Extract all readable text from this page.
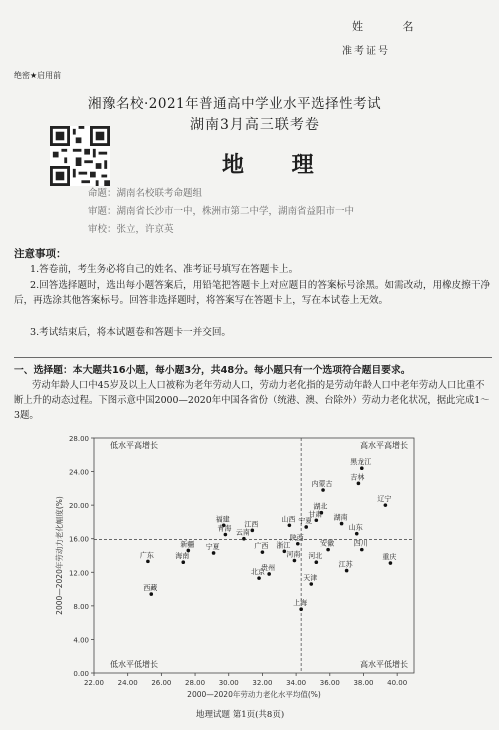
姓 名
准考证号
绝密★启用前
湘豫名校·2021年普通高中学业水平选择性考试
湖南3月高三联考卷
地 理
命题：湖南名校联考命题组
审题：湖南省长沙市一中，株洲市第二中学，湖南省益阳市一中
审校：张立，许京英
注意事项：
1.答卷前，考生务必将自己的姓名、准考证号填写在答题卡上。
2.回答选择题时，选出每小题答案后，用铅笔把答题卡上对应题目的答案标号涂黑。如需改动，用橡皮擦干净后，再选涂其他答案标号。回答非选择题时，将答案写在答题卡上，写在本试卷上无效。
3.考试结束后，将本试题卷和答题卡一并交回。
一、选择题：本大题共16小题，每小题3分，共48分。每小题只有一个选项符合题目要求。
劳动年龄人口中45岁及以上人口被称为老年劳动人口，劳动力老化指的是劳动年龄人口中老年劳动人口比重不断上升的动态过程。下图示意中国2000—2020年中国各省份（统港、澳、台除外）劳动力老化状况，据此完成1～3题。
0.00
4.00
8.00
12.00
16.00
20.00
24.00
28.00
22.00 24.00 26.00 28.00 30.00 32.00 34.00 36.00 38.00 40.00
2000—2020年劳动力老化水平均值(%)
2000—2020年劳动力老化幅度(%)
低水平高增长	高水平高增长
低水平低增长	高水平低增长
黑龙江
吉林
辽宁
内蒙古
湖北
甘肃 湖南
山东
山西 宁夏
福建
江西
青海
云南
陕西
四川
安徽
广西 浙江
新疆 宁夏
海南
广东	河南 河北	重庆
江苏
贵州
北京
天津
西藏
上海
地理试题 第1页(共8页)
